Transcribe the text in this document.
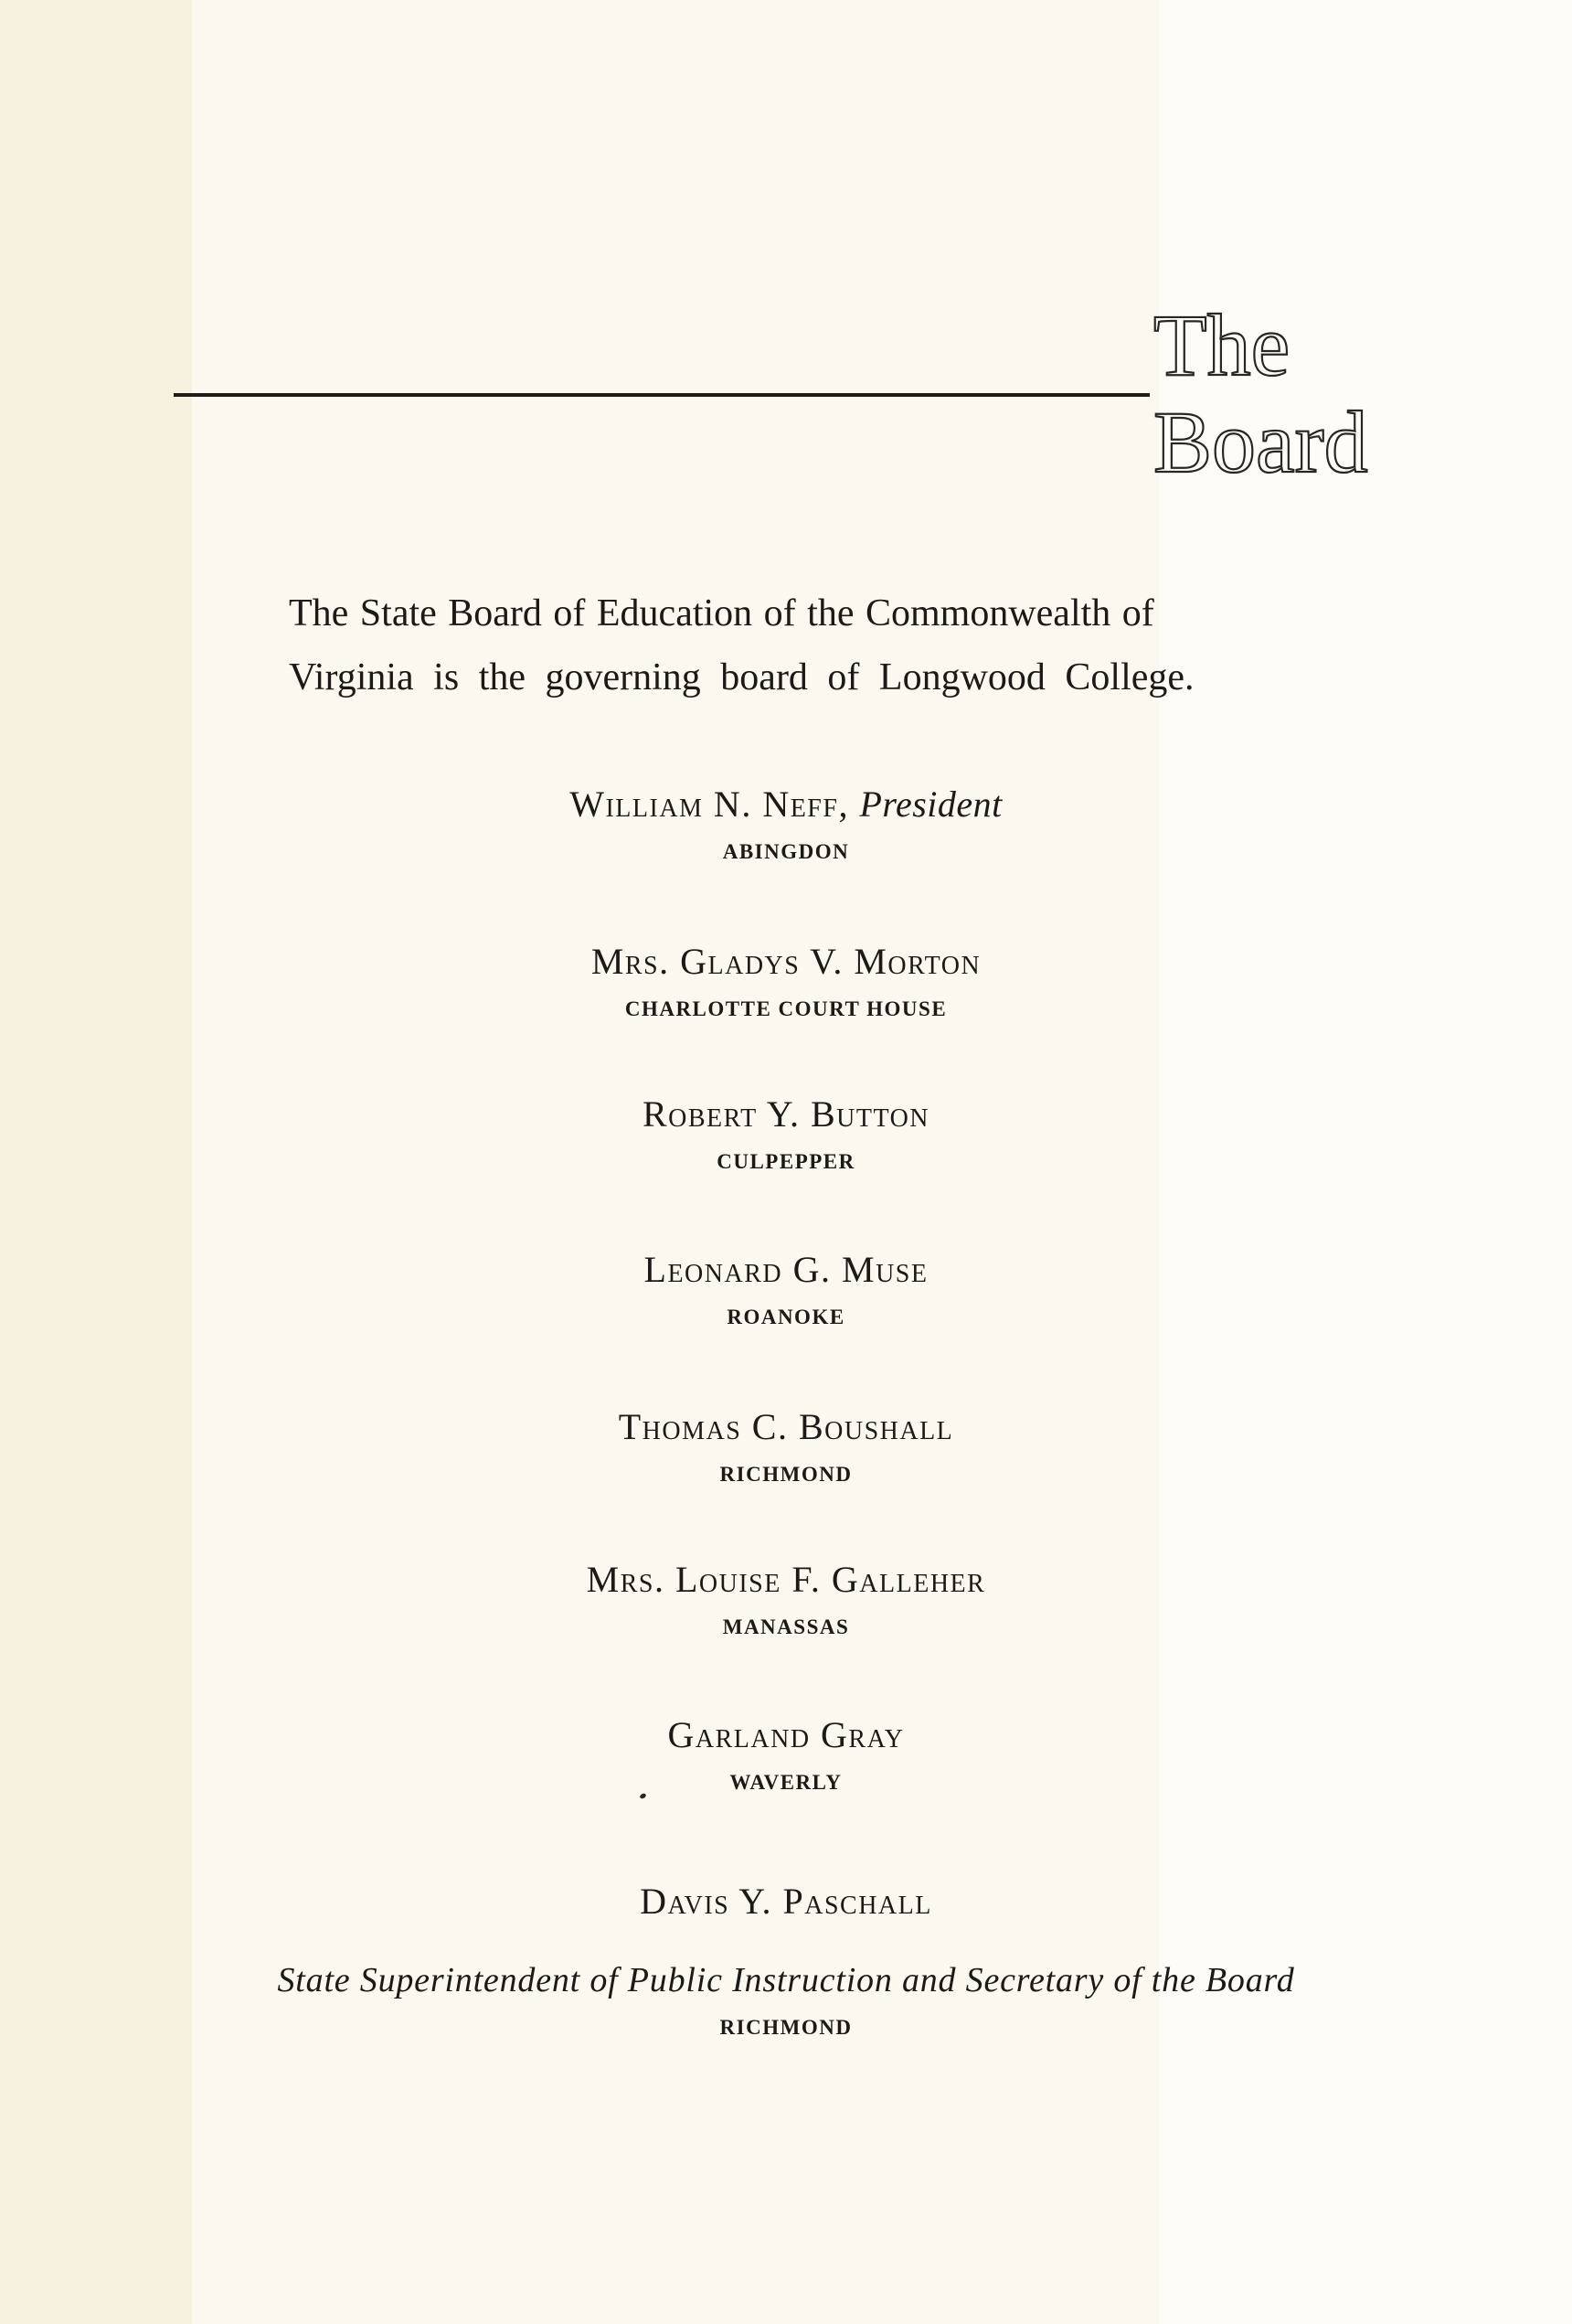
The
Board

The State Board of Education of the Commonwealth of
Virginia is the governing board of Longwood College.

William N. Neff, President
ABINGDON
Mrs. Gladys V. Morton
CHARLOTTE COURT HOUSE
Robert Y. Button
CULPEPPER
Leonard G. Muse
ROANOKE
Thomas C. Boushall
RICHMOND
Mrs. Louise F. Galleher
MANASSAS
Garland Gray
WAVERLY
Davis Y. Paschall
State Superintendent of Public Instruction and Secretary of the Board
RICHMOND
